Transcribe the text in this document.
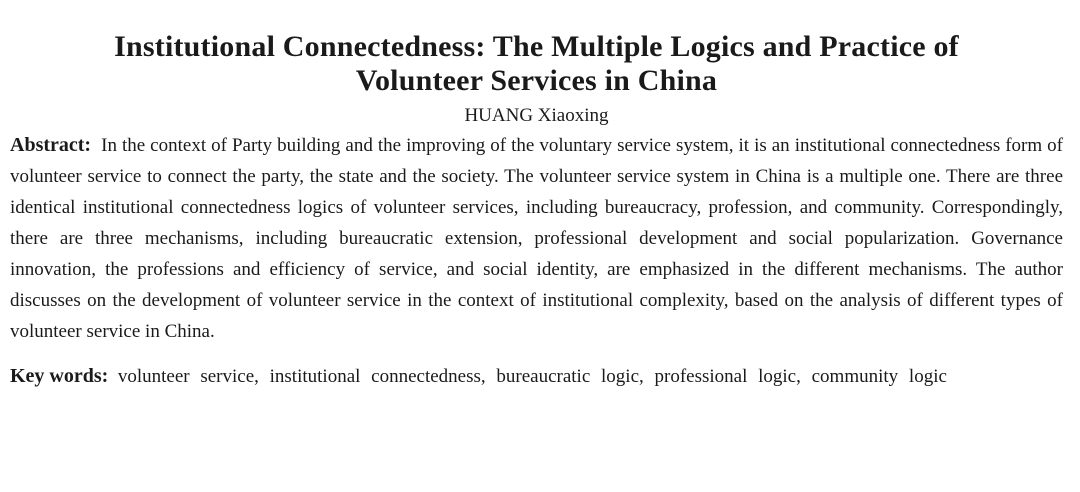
Institutional Connectedness: The Multiple Logics and Practice of
Volunteer Services in China
HUANG Xiaoxing

Abstract: In the context of Party building and the improving of the voluntary service system, it is an institutional connectedness form of volunteer service to connect the party, the state and the society. The volunteer service system in China is a multiple one. There are three identical institutional connectedness logics of volunteer services, including bureaucracy, profession, and community. Correspondingly, there are three mechanisms, including bureaucratic extension, professional development and social popularization. Governance innovation, the professions and efficiency of service, and social identity, are emphasized in the different mechanisms. The author discusses on the development of volunteer service in the context of institutional complexity, based on the analysis of different types of volunteer service in China.

Key words: volunteer service, institutional connectedness, bureaucratic logic, professional logic, community logic
